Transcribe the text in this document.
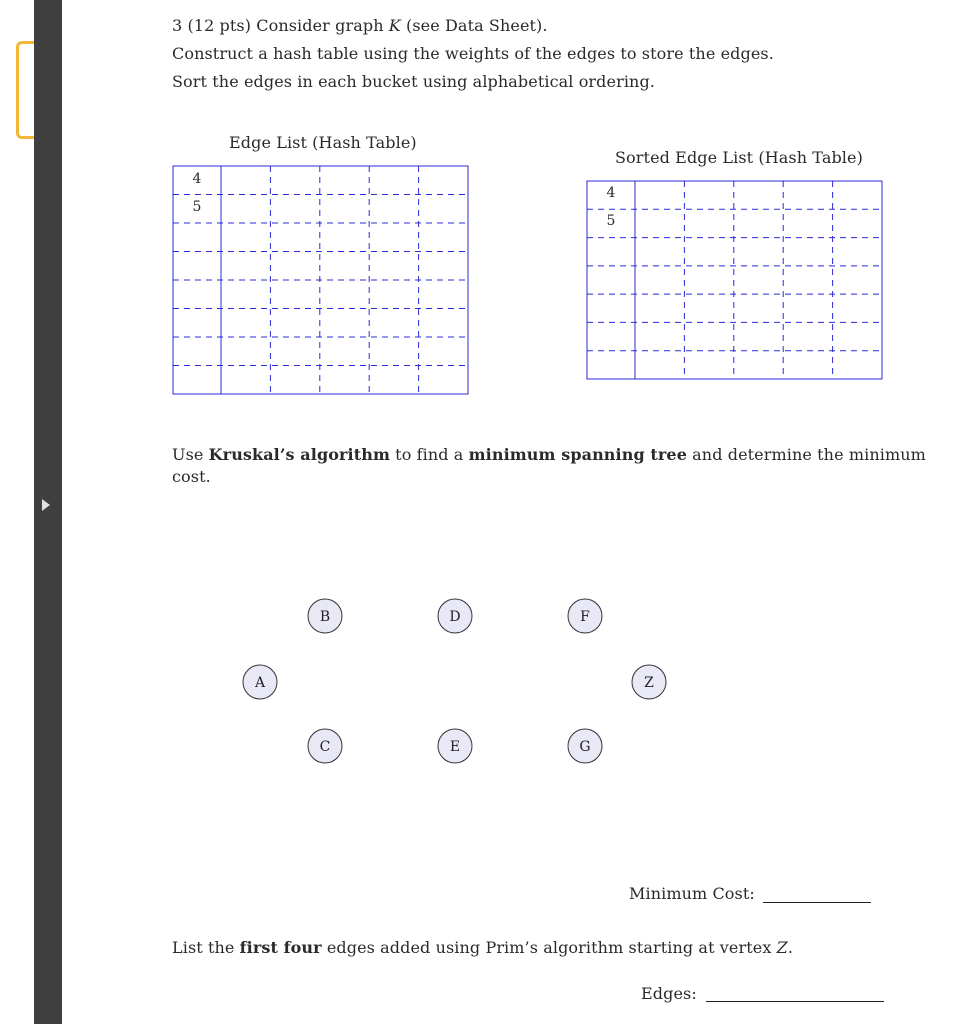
3 (12 pts) Consider graph K (see Data Sheet).
Construct a hash table using the weights of the edges to store the edges.
Sort the edges in each bucket using alphabetical ordering.
Edge List (Hash Table)
Sorted Edge List (Hash Table)
A
B
C
D
E
F
G
Z
4
5
4
5
Use Kruskal’s algorithm to find a minimum spanning tree and determine the minimum
cost.
Minimum Cost:
List the first four edges added using Prim’s algorithm starting at vertex Z.
Edges:
